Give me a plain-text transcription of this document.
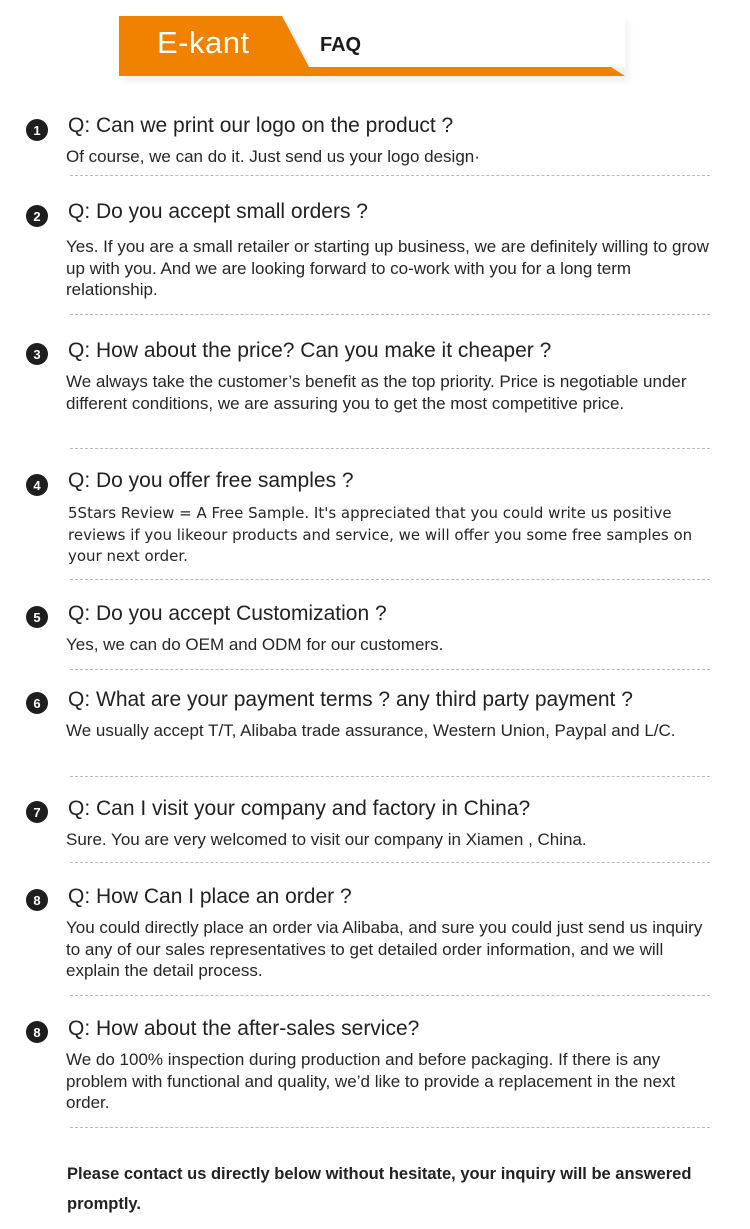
E-kant	FAQ
1	Q: Can we print our logo on the product ?
Of course, we can do it. Just send us your logo design·
2	Q: Do you accept small orders ?
Yes. If you are a small retailer or starting up business, we are definitely willing to grow up with you. And we are looking forward to co-work with you for a long term relationship.
3	Q: How about the price? Can you make it cheaper ?
We always take the customer’s benefit as the top priority. Price is negotiable under different conditions, we are assuring you to get the most competitive price.
4	Q: Do you offer free samples ?
5Stars Review = A Free Sample. It's appreciated that you could write us positive reviews if you likeour products and service, we will offer you some free samples on your next order.
5	Q: Do you accept Customization ?
Yes, we can do OEM and ODM for our customers.
6	Q: What are your payment terms ? any third party payment ?
We usually accept T/T, Alibaba trade assurance, Western Union, Paypal and L/C.
7	Q: Can I visit your company and factory in China?
Sure. You are very welcomed to visit our company in Xiamen , China.
8	Q: How Can I place an order ?
You could directly place an order via Alibaba, and sure you could just send us inquiry to any of our sales representatives to get detailed order information, and we will explain the detail process.
8	Q: How about the after-sales service?
We do 100% inspection during production and before packaging. If there is any problem with functional and quality, we’d like to provide a replacement in the next order.
Please contact us directly below without hesitate, your inquiry will be answered promptly.
